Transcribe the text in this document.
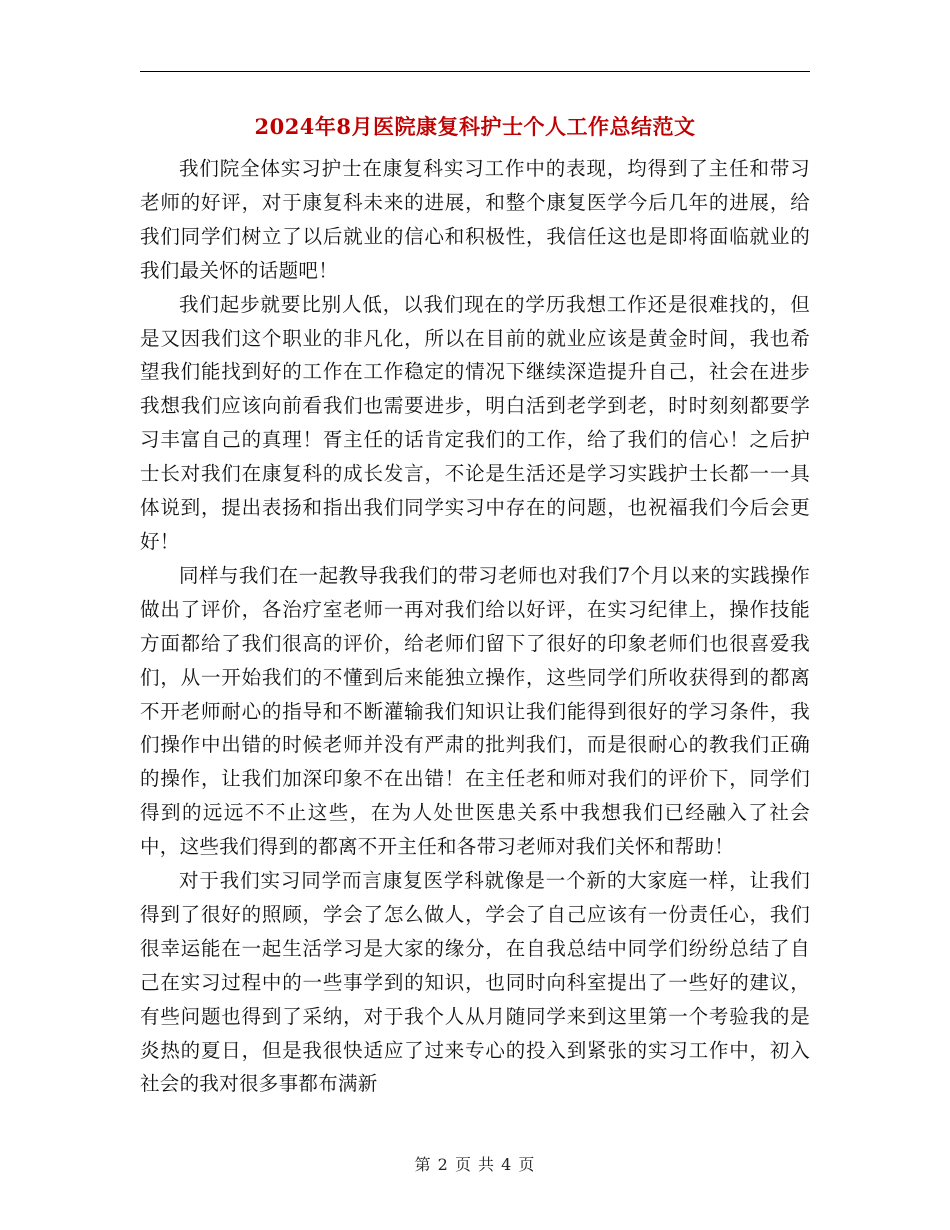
2024年8月医院康复科护士个人工作总结范文

我们院全体实习护士在康复科实习工作中的表现，均得到了主任和带习老师的好评，对于康复科未来的进展，和整个康复医学今后几年的进展，给我们同学们树立了以后就业的信心和积极性，我信任这也是即将面临就业的我们最关怀的话题吧！

我们起步就要比别人低，以我们现在的学历我想工作还是很难找的，但是又因我们这个职业的非凡化，所以在目前的就业应该是黄金时间，我也希望我们能找到好的工作在工作稳定的情况下继续深造提升自己，社会在进步我想我们应该向前看我们也需要进步，明白活到老学到老，时时刻刻都要学习丰富自己的真理！胥主任的话肯定我们的工作，给了我们的信心！之后护士长对我们在康复科的成长发言，不论是生活还是学习实践护士长都一一具体说到，提出表扬和指出我们同学实习中存在的问题，也祝福我们今后会更好！

同样与我们在一起教导我我们的带习老师也对我们7个月以来的实践操作做出了评价，各治疗室老师一再对我们给以好评，在实习纪律上，操作技能方面都给了我们很高的评价，给老师们留下了很好的印象老师们也很喜爱我们，从一开始我们的不懂到后来能独立操作，这些同学们所收获得到的都离不开老师耐心的指导和不断灌输我们知识让我们能得到很好的学习条件，我们操作中出错的时候老师并没有严肃的批判我们，而是很耐心的教我们正确的操作，让我们加深印象不在出错！在主任老和师对我们的评价下，同学们得到的远远不不止这些，在为人处世医患关系中我想我们已经融入了社会中，这些我们得到的都离不开主任和各带习老师对我们关怀和帮助！

对于我们实习同学而言康复医学科就像是一个新的大家庭一样，让我们得到了很好的照顾，学会了怎么做人，学会了自己应该有一份责任心，我们很幸运能在一起生活学习是大家的缘分，在自我总结中同学们纷纷总结了自己在实习过程中的一些事学到的知识，也同时向科室提出了一些好的建议，有些问题也得到了采纳，对于我个人从月随同学来到这里第一个考验我的是炎热的夏日，但是我很快适应了过来专心的投入到紧张的实习工作中，初入社会的我对很多事都布满新

第 2 页 共 4 页
